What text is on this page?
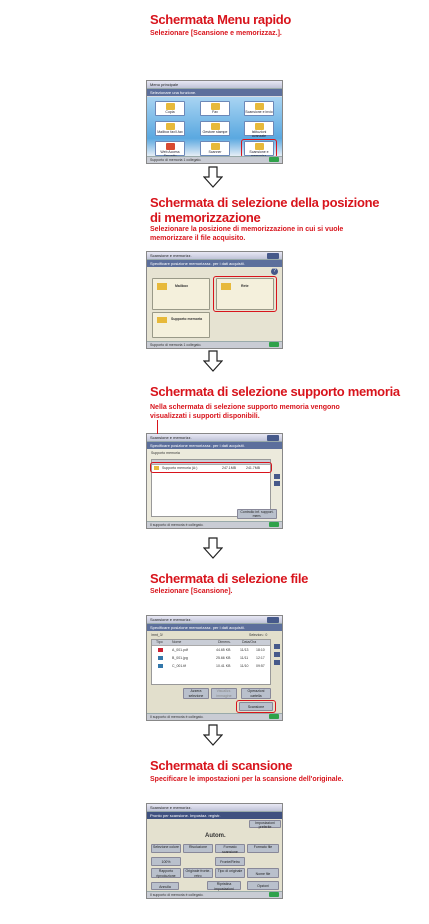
Schermata Menu rapido
Selezionare [Scansione e memorizzaz.].
Menu principale
Selezionare una funzione.
Copia	Fax	Scansione e invio
Mailbox fax/I-fax	Gestore stampe	Istituzioni avanzate
Web Access	Scanner	Scansione e
Supporto di memoria 1 collegato.
Schermata di selezione della posizione di memorizzazione
Selezionare la posizione di memorizzazione in cui si vuole memorizzare il file acquisito.
Scansione e memorizz.
Specificare posizione memorizzaz. per i dati acquisiti.
?
Mailbox	Rete
Supporto memoria
Supporto di memoria 1 collegato.
Schermata di selezione supporto memoria
Nella schermata di selezione supporto memoria vengono visualizzati i supporti disponibili.
Scansione e memorizz.
Specificare posizione memorizzaz. per i dati acquisiti.
Supporto memoria
Supporto memoria (A:)	247.1MB	241.7MB
Controllo inf. support. mem.
Il supporto di memoria è collegato.
Schermata di selezione file
Selezionare [Scansione].
Scansione e memorizz.
Specificare posizione memorizzaz. per i dati acquisiti.
/mnt_3/	Selezion.: 0
Tipo	Nome	Dimens.	Data/Ora
A_001.pdf	44.65 KB	11/13 18:10
B_001.jpg	25.66 KB	11/11 12:17
C_001.tif	10.41 KB	11/10 09:57
Azzera selezione
Visualizz. immagine
Operazioni cartella
Scansione
Il supporto di memoria è collegato.
Schermata di scansione
Specificare le impostazioni per la scansione dell'originale.
Scansione e memorizz.
Pronto per scansione. Impostaz. registr.
Impostazioni preferite
Autom.
Selezione colore	Risoluzione	Formato scansione
Formato file
100%	Fronte/Retro
Rapporto riproduzione
Originale fronte-retro
Tipo di originale
Nome file
Annulla
Ripristina impostazioni
Opzioni
Il supporto di memoria è collegato.
